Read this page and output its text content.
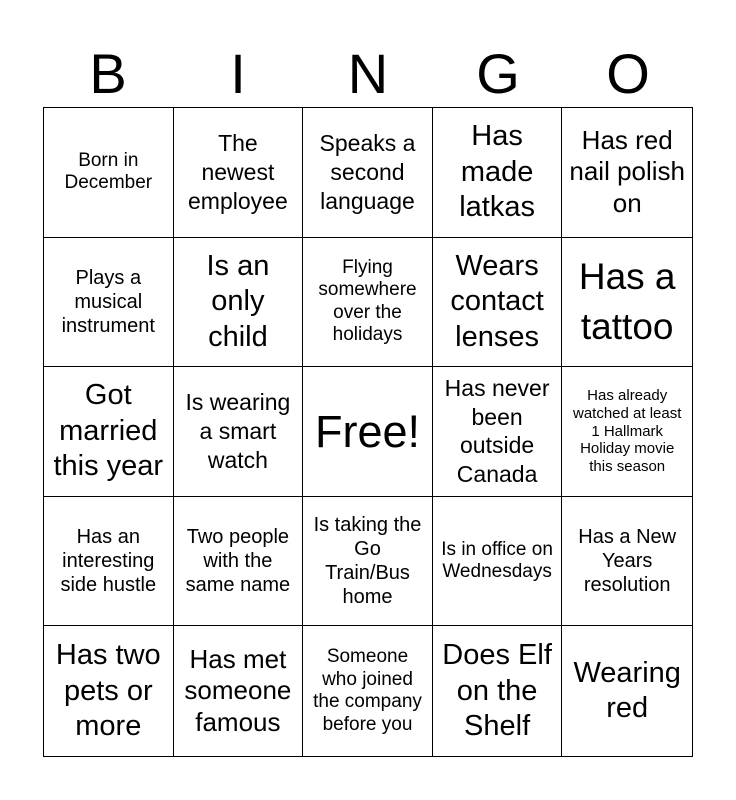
B	I	N	G	O
Born in December
The newest employee
Speaks a second language
Has made latkas
Has red nail polish on
Plays a musical instrument
Is an only child
Flying somewhere over the holidays
Wears contact lenses
Has a tattoo
Got married this year
Is wearing a smart watch
Free!
Has never been outside Canada
Has already watched at least 1 Hallmark Holiday movie this season
Has an interesting side hustle
Two people with the same name
Is taking the Go Train/Bus home
Is in office on Wednesdays
Has a New Years resolution
Has two pets or more
Has met someone famous
Someone who joined the company before you
Does Elf on the Shelf
Wearing red
